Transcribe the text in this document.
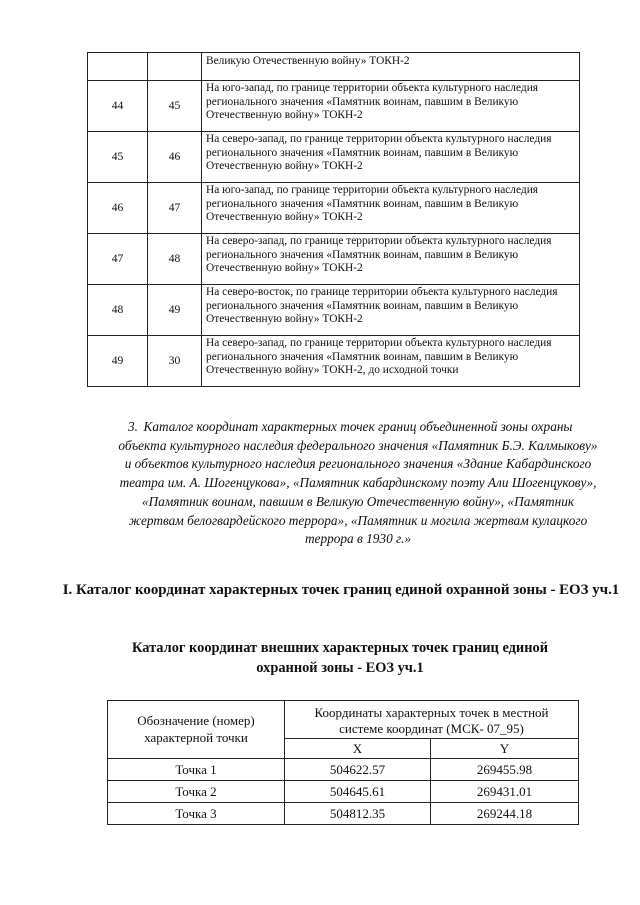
		Великую Отечественную войну» ТОКН-2
44	45	На юго-запад, по границе территории объекта культурного наследия регионального значения «Памятник воинам, павшим в Великую Отечественную войну» ТОКН-2
45	46	На северо-запад, по границе территории объекта культурного наследия регионального значения «Памятник воинам, павшим в Великую Отечественную войну» ТОКН-2
46	47	На юго-запад, по границе территории объекта культурного наследия регионального значения «Памятник воинам, павшим в Великую Отечественную войну» ТОКН-2
47	48	На северо-запад, по границе территории объекта культурного наследия регионального значения «Памятник воинам, павшим в Великую Отечественную войну» ТОКН-2
48	49	На северо-восток, по границе территории объекта культурного наследия регионального значения «Памятник воинам, павшим в Великую Отечественную войну» ТОКН-2
49	30	На северо-запад, по границе территории объекта культурного наследия регионального значения «Памятник воинам, павшим в Великую Отечественную войну» ТОКН-2, до исходной точки

3. Каталог координат характерных точек границ объединенной зоны охраны объекта культурного наследия федерального значения «Памятник Б.Э. Калмыкову» и объектов культурного наследия регионального значения «Здание Кабардинского театра им. А. Шогенцукова», «Памятник кабардинскому поэту Али Шогенцукову», «Памятник воинам, павшим в Великую Отечественную войну», «Памятник жертвам белогвардейского террора», «Памятник и могила жертвам кулацкого террора в 1930 г.»

I. Каталог координат характерных точек границ единой охранной зоны - ЕОЗ уч.1
Каталог координат внешних характерных точек границ единой охранной зоны - ЕОЗ уч.1
Обозначение (номер) характерной точки	Координаты характерных точек в местной системе координат (МСК- 07_95)	
	X	Y
Точка 1	504622.57	269455.98
Точка 2	504645.61	269431.01
Точка 3	504812.35	269244.18
